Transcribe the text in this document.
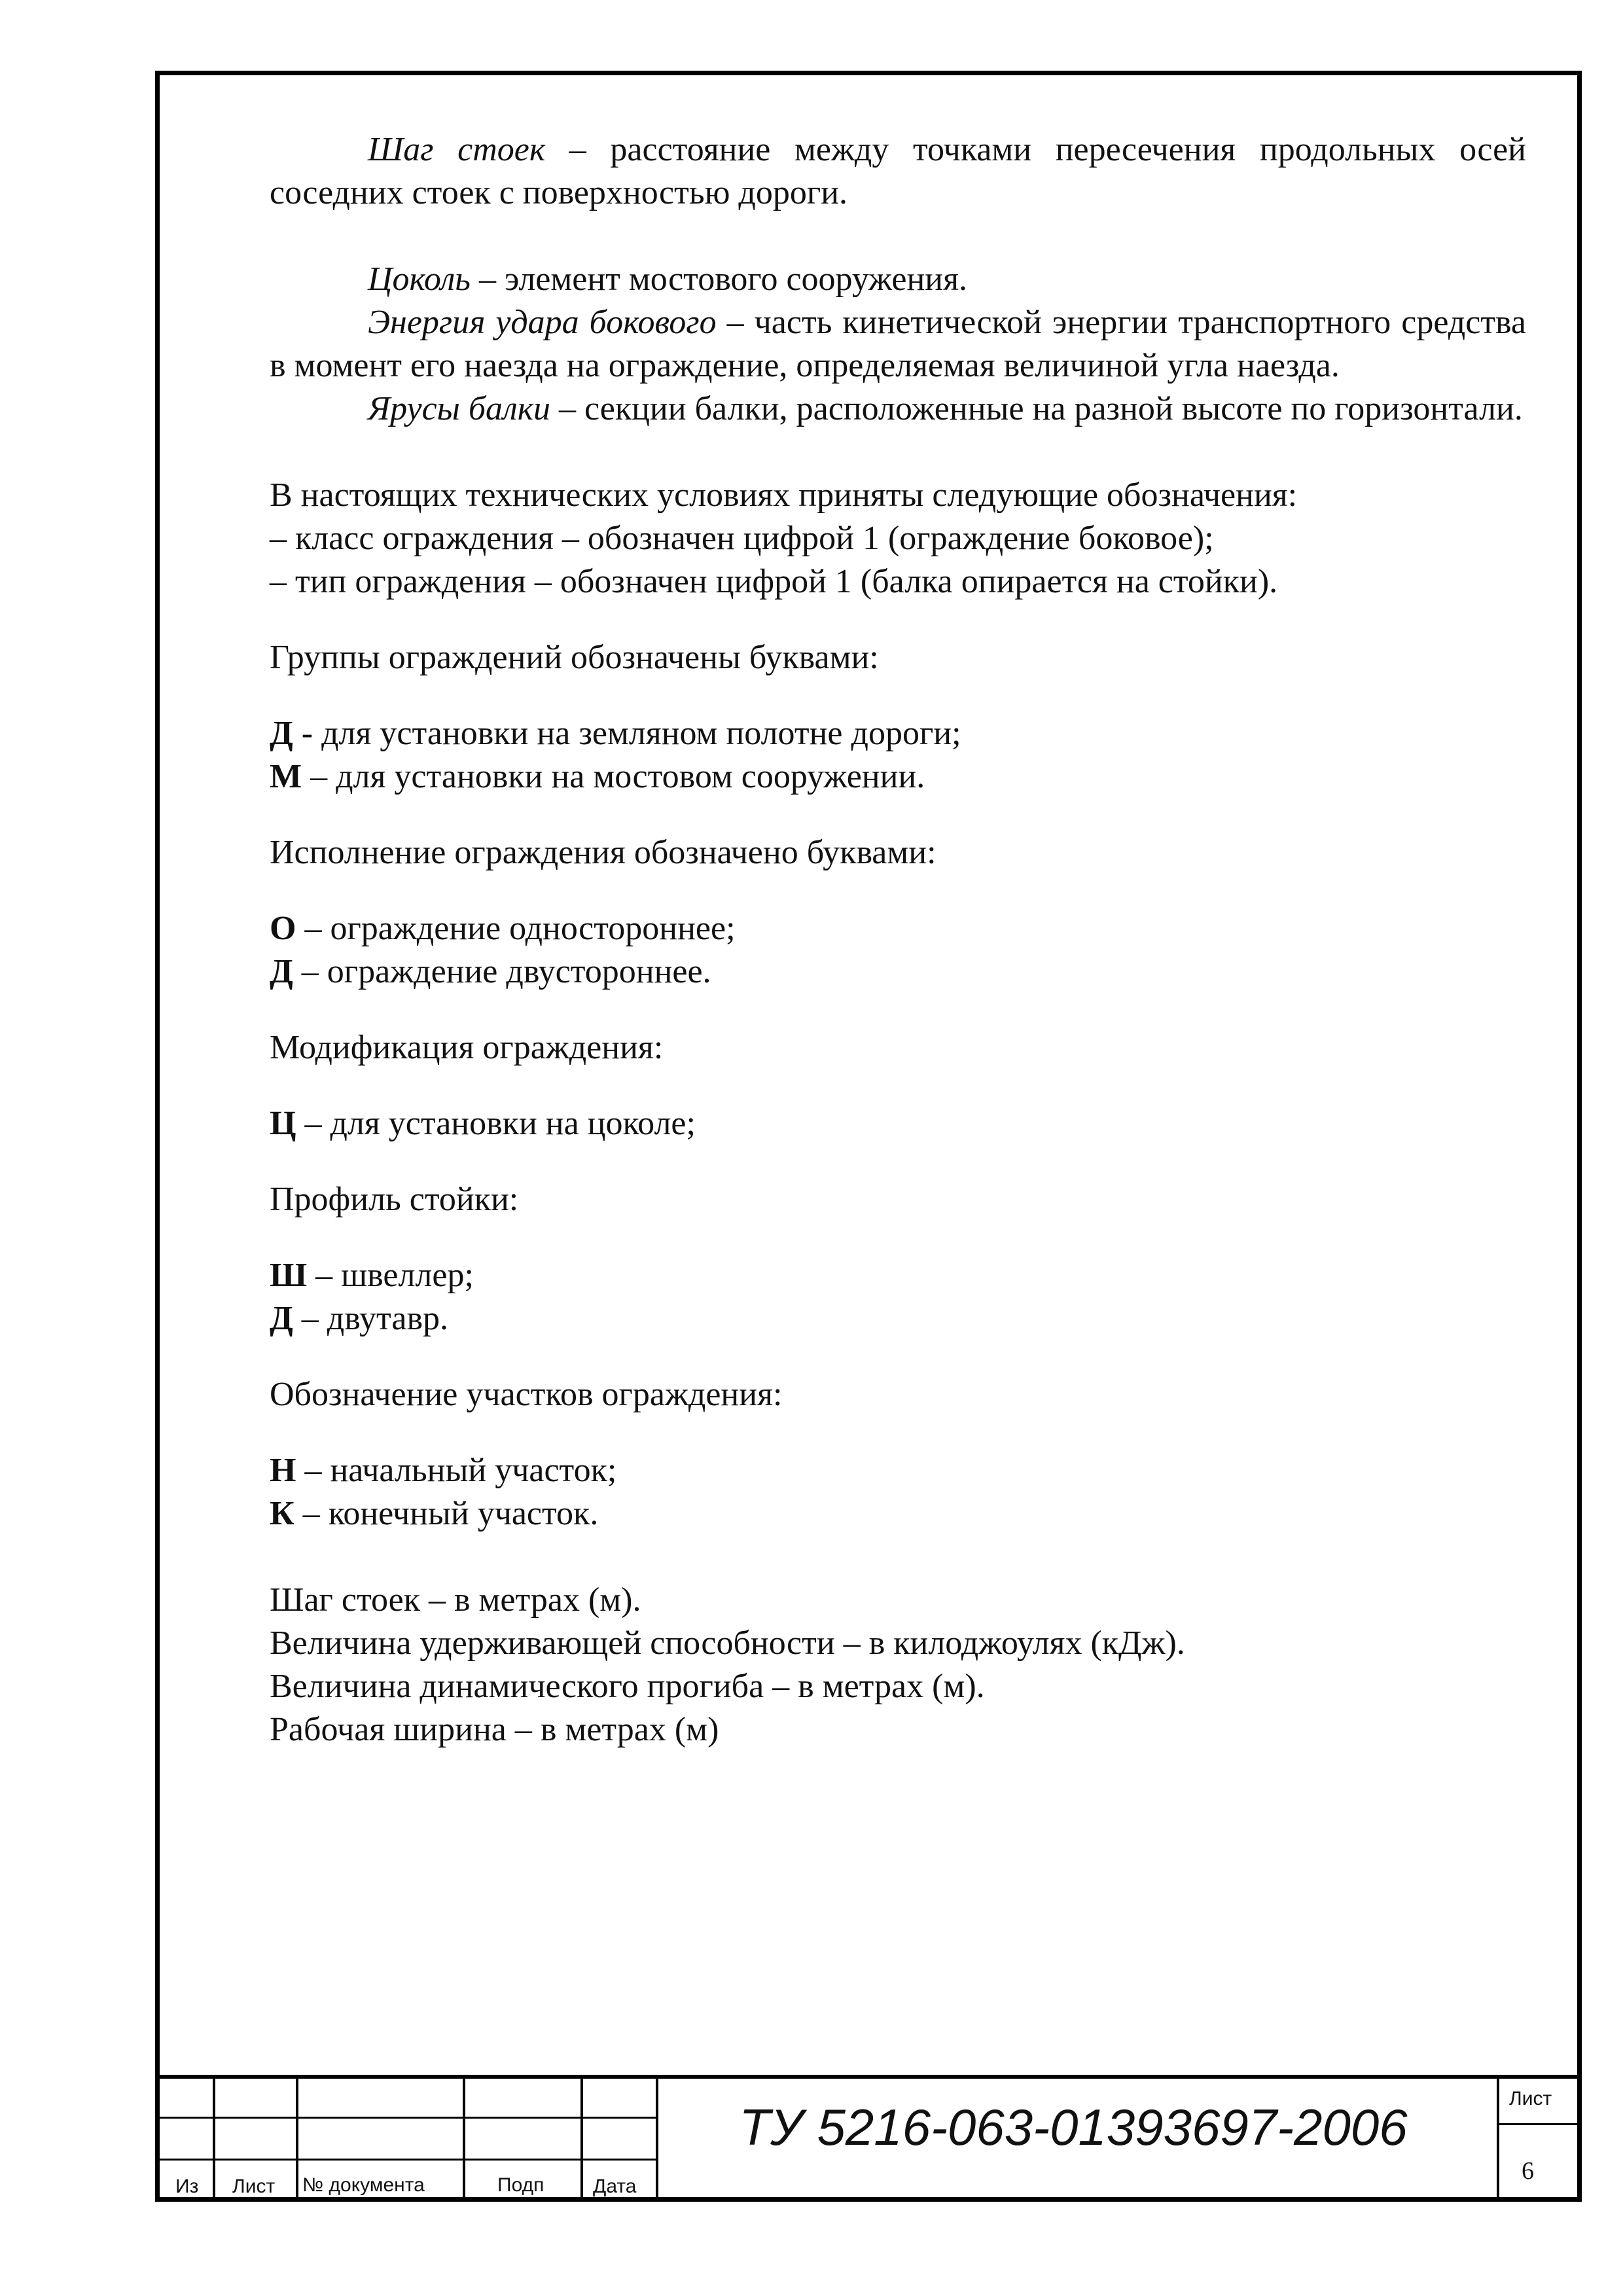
Шаг стоек – расстояние между точками пересечения продольных осей соседних стоек с поверхностью дороги.

Цоколь – элемент мостового сооружения.

Энергия удара бокового – часть кинетической энергии транспортного средства в момент его наезда на ограждение, определяемая величиной угла наезда.

Ярусы балки – секции балки, расположенные на разной высоте по горизонтали.

В настоящих технических условиях приняты следующие обозначения:
– класс ограждения – обозначен цифрой 1 (ограждение боковое);
– тип ограждения – обозначен цифрой 1 (балка опирается на стойки).

Группы ограждений обозначены буквами:

Д - для установки на земляном полотне дороги;
М – для установки на мостовом сооружении.

Исполнение ограждения обозначено буквами:

О – ограждение одностороннее;
Д – ограждение двустороннее.

Модификация ограждения:

Ц – для установки на цоколе;

Профиль стойки:

Ш – швеллер;
Д – двутавр.

Обозначение участков ограждения:

Н – начальный участок;
К – конечный участок.

Шаг стоек – в метрах (м).
Величина удерживающей способности – в килоджоулях (кДж).
Величина динамического прогиба – в метрах (м).
Рабочая ширина – в метрах (м)

Из Лист № документа	Подп Дата
ТУ 5216-063-01393697-2006	Лист
6
